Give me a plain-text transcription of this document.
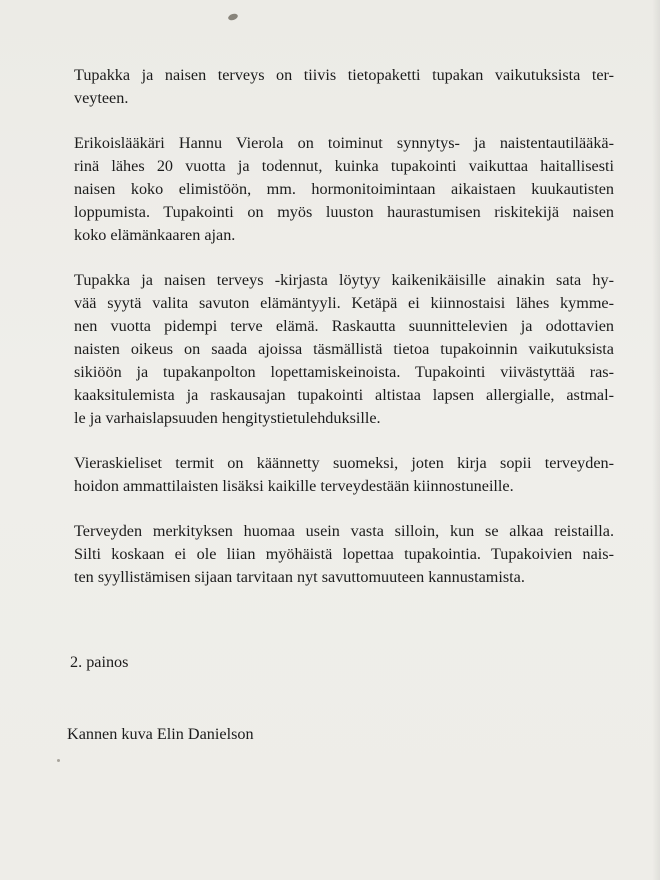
Tupakka ja naisen terveys on tiivis tietopaketti tupakan vaikutuksista ter-
veyteen.

Erikoislääkäri Hannu Vierola on toiminut synnytys- ja naistentautilääkä-
rinä lähes 20 vuotta ja todennut, kuinka tupakointi vaikuttaa haitallisesti
naisen koko elimistöön, mm. hormonitoimintaan aikaistaen kuukautisten
loppumista. Tupakointi on myös luuston haurastumisen riskitekijä naisen
koko elämänkaaren ajan.

Tupakka ja naisen terveys -kirjasta löytyy kaikenikäisille ainakin sata hy-
vää syytä valita savuton elämäntyyli. Ketäpä ei kiinnostaisi lähes kymme-
nen vuotta pidempi terve elämä. Raskautta suunnittelevien ja odottavien
naisten oikeus on saada ajoissa täsmällistä tietoa tupakoinnin vaikutuksista
sikiöön ja tupakanpolton lopettamiskeinoista. Tupakointi viivästyttää ras-
kaaksitulemista ja raskausajan tupakointi altistaa lapsen allergialle, astmal-
le ja varhaislapsuuden hengitystietulehduksille.

Vieraskieliset termit on käännetty suomeksi, joten kirja sopii terveyden-
hoidon ammattilaisten lisäksi kaikille terveydestään kiinnostuneille.

Terveyden merkityksen huomaa usein vasta silloin, kun se alkaa reistailla.
Silti koskaan ei ole liian myöhäistä lopettaa tupakointia. Tupakoivien nais-
ten syyllistämisen sijaan tarvitaan nyt savuttomuuteen kannustamista.

2. painos
Kannen kuva Elin Danielson
